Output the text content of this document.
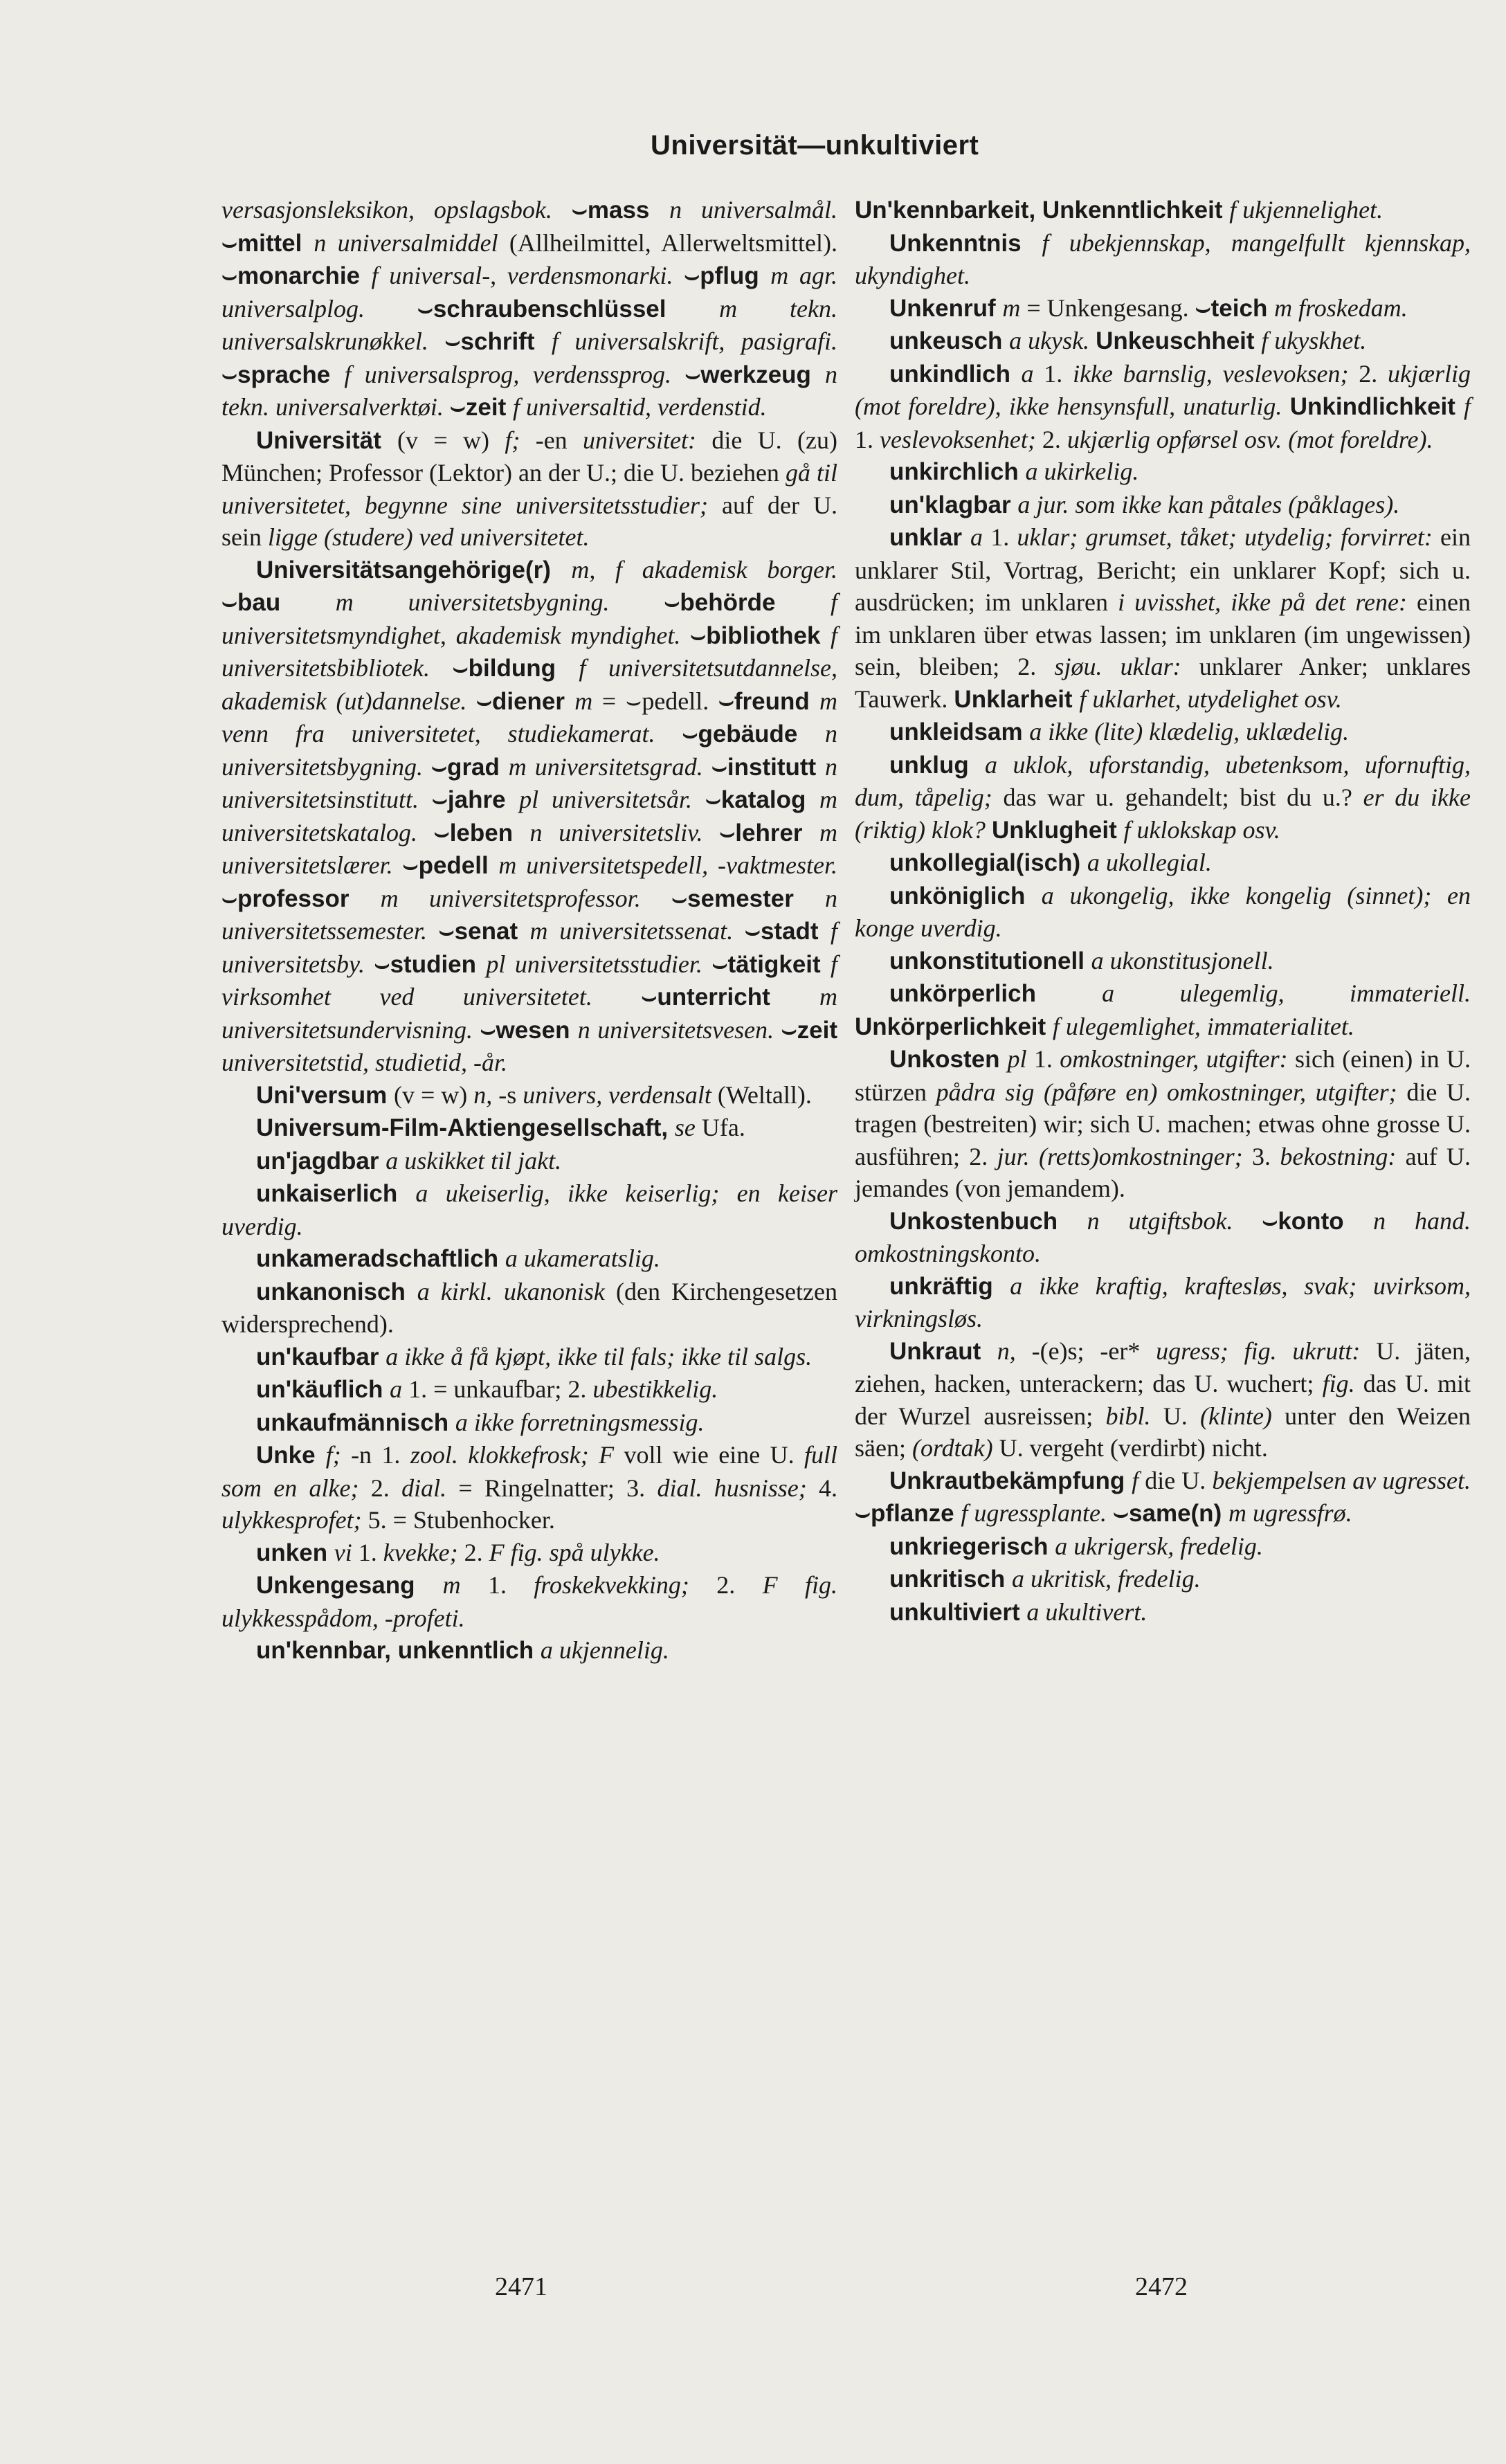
Universität—unkultiviert

versasjonsleksikon, opslagsbok. ⌣mass n universalmål. ⌣mittel n universalmiddel (Allheilmittel, Allerweltsmittel). ⌣monarchie f universal-, verdensmonarki. ⌣pflug m agr. universalplog. ⌣schraubenschlüssel m tekn. universalskrunøkkel. ⌣schrift f universalskrift, pasigrafi. ⌣sprache f universalsprog, verdenssprog. ⌣werkzeug n tekn. universalverktøi. ⌣zeit f universaltid, verdenstid.

Universität (v = w) f; -en universitet: die U. (zu) München; Professor (Lektor) an der U.; die U. beziehen gå til universitetet, begynne sine universitetsstudier; auf der U. sein ligge (studere) ved universitetet.

Universitätsangehörige(r) m, f akademisk borger. ⌣bau m universitetsbygning. ⌣behörde f universitetsmyndighet, akademisk myndighet. ⌣bibliothek f universitetsbibliotek. ⌣bildung f universitetsutdannelse, akademisk (ut)dannelse. ⌣diener m = ⌣pedell. ⌣freund m venn fra universitetet, studiekamerat. ⌣gebäude n universitetsbygning. ⌣grad m universitetsgrad. ⌣institutt n universitetsinstitutt. ⌣jahre pl universitetsår. ⌣katalog m universitetskatalog. ⌣leben n universitetsliv. ⌣lehrer m universitetslærer. ⌣pedell m universitetspedell, -vaktmester. ⌣professor m universitetsprofessor. ⌣semester n universitetssemester. ⌣senat m universitetssenat. ⌣stadt f universitetsby. ⌣studien pl universitetsstudier. ⌣tätigkeit f virksomhet ved universitetet. ⌣unterricht m universitetsundervisning. ⌣wesen n universitetsvesen. ⌣zeit universitetstid, studietid, -år.

Uni'versum (v = w) n, -s univers, verdensalt (Weltall).

Universum-Film-Aktiengesellschaft, se Ufa.

un'jagdbar a uskikket til jakt.

unkaiserlich a ukeiserlig, ikke keiserlig; en keiser uverdig.

unkameradschaftlich a ukameratslig.

unkanonisch a kirkl. ukanonisk (den Kirchengesetzen widersprechend).

un'kaufbar a ikke å få kjøpt, ikke til fals; ikke til salgs.

un'käuflich a 1. = unkaufbar; 2. ubestikkelig.

unkaufmännisch a ikke forretningsmessig.

Unke f; -n 1. zool. klokkefrosk; F voll wie eine U. full som en alke; 2. dial. = Ringelnatter; 3. dial. husnisse; 4. ulykkesprofet; 5. = Stubenhocker.

unken vi 1. kvekke; 2. F fig. spå ulykke.

Unkengesang m 1. froskekvekking; 2. F fig. ulykkesspådom, -profeti.

un'kennbar, unkenntlich a ukjennelig.

Un'kennbarkeit, Unkenntlichkeit f ukjennelighet.

Unkenntnis f ubekjennskap, mangelfullt kjennskap, ukyndighet.

Unkenruf m = Unkengesang. ⌣teich m froskedam.

unkeusch a ukysk. Unkeuschheit f ukyskhet.

unkindlich a 1. ikke barnslig, veslevoksen; 2. ukjærlig (mot foreldre), ikke hensynsfull, unaturlig. Unkindlichkeit f 1. veslevoksenhet; 2. ukjærlig opførsel osv. (mot foreldre).

unkirchlich a ukirkelig.

un'klagbar a jur. som ikke kan påtales (påklages).

unklar a 1. uklar; grumset, tåket; utydelig; forvirret: ein unklarer Stil, Vortrag, Bericht; ein unklarer Kopf; sich u. ausdrücken; im unklaren i uvisshet, ikke på det rene: einen im unklaren über etwas lassen; im unklaren (im ungewissen) sein, bleiben; 2. sjøu. uklar: unklarer Anker; unklares Tauwerk. Unklarheit f uklarhet, utydelighet osv.

unkleidsam a ikke (lite) klædelig, uklædelig.

unklug a uklok, uforstandig, ubetenksom, ufornuftig, dum, tåpelig; das war u. gehandelt; bist du u.? er du ikke (riktig) klok? Unklugheit f uklokskap osv.

unkollegial(isch) a ukollegial.

unköniglich a ukongelig, ikke kongelig (sinnet); en konge uverdig.

unkonstitutionell a ukonstitusjonell.

unkörperlich a ulegemlig, immateriell. Unkörperlichkeit f ulegemlighet, immaterialitet.

Unkosten pl 1. omkostninger, utgifter: sich (einen) in U. stürzen pådra sig (påføre en) omkostninger, utgifter; die U. tragen (bestreiten) wir; sich U. machen; etwas ohne grosse U. ausführen; 2. jur. (retts)omkostninger; 3. bekostning: auf U. jemandes (von jemandem).

Unkostenbuch n utgiftsbok. ⌣konto n hand. omkostningskonto.

unkräftig a ikke kraftig, kraftesløs, svak; uvirksom, virkningsløs.

Unkraut n, -(e)s; -er* ugress; fig. ukrutt: U. jäten, ziehen, hacken, unterackern; das U. wuchert; fig. das U. mit der Wurzel ausreissen; bibl. U. (klinte) unter den Weizen säen; (ordtak) U. vergeht (verdirbt) nicht.

Unkrautbekämpfung f die U. bekjempelsen av ugresset. ⌣pflanze f ugressplante. ⌣same(n) m ugressfrø.

unkriegerisch a ukrigersk, fredelig.

unkritisch a ukritisk, fredelig.

unkultiviert a ukultivert.

2471	2472
